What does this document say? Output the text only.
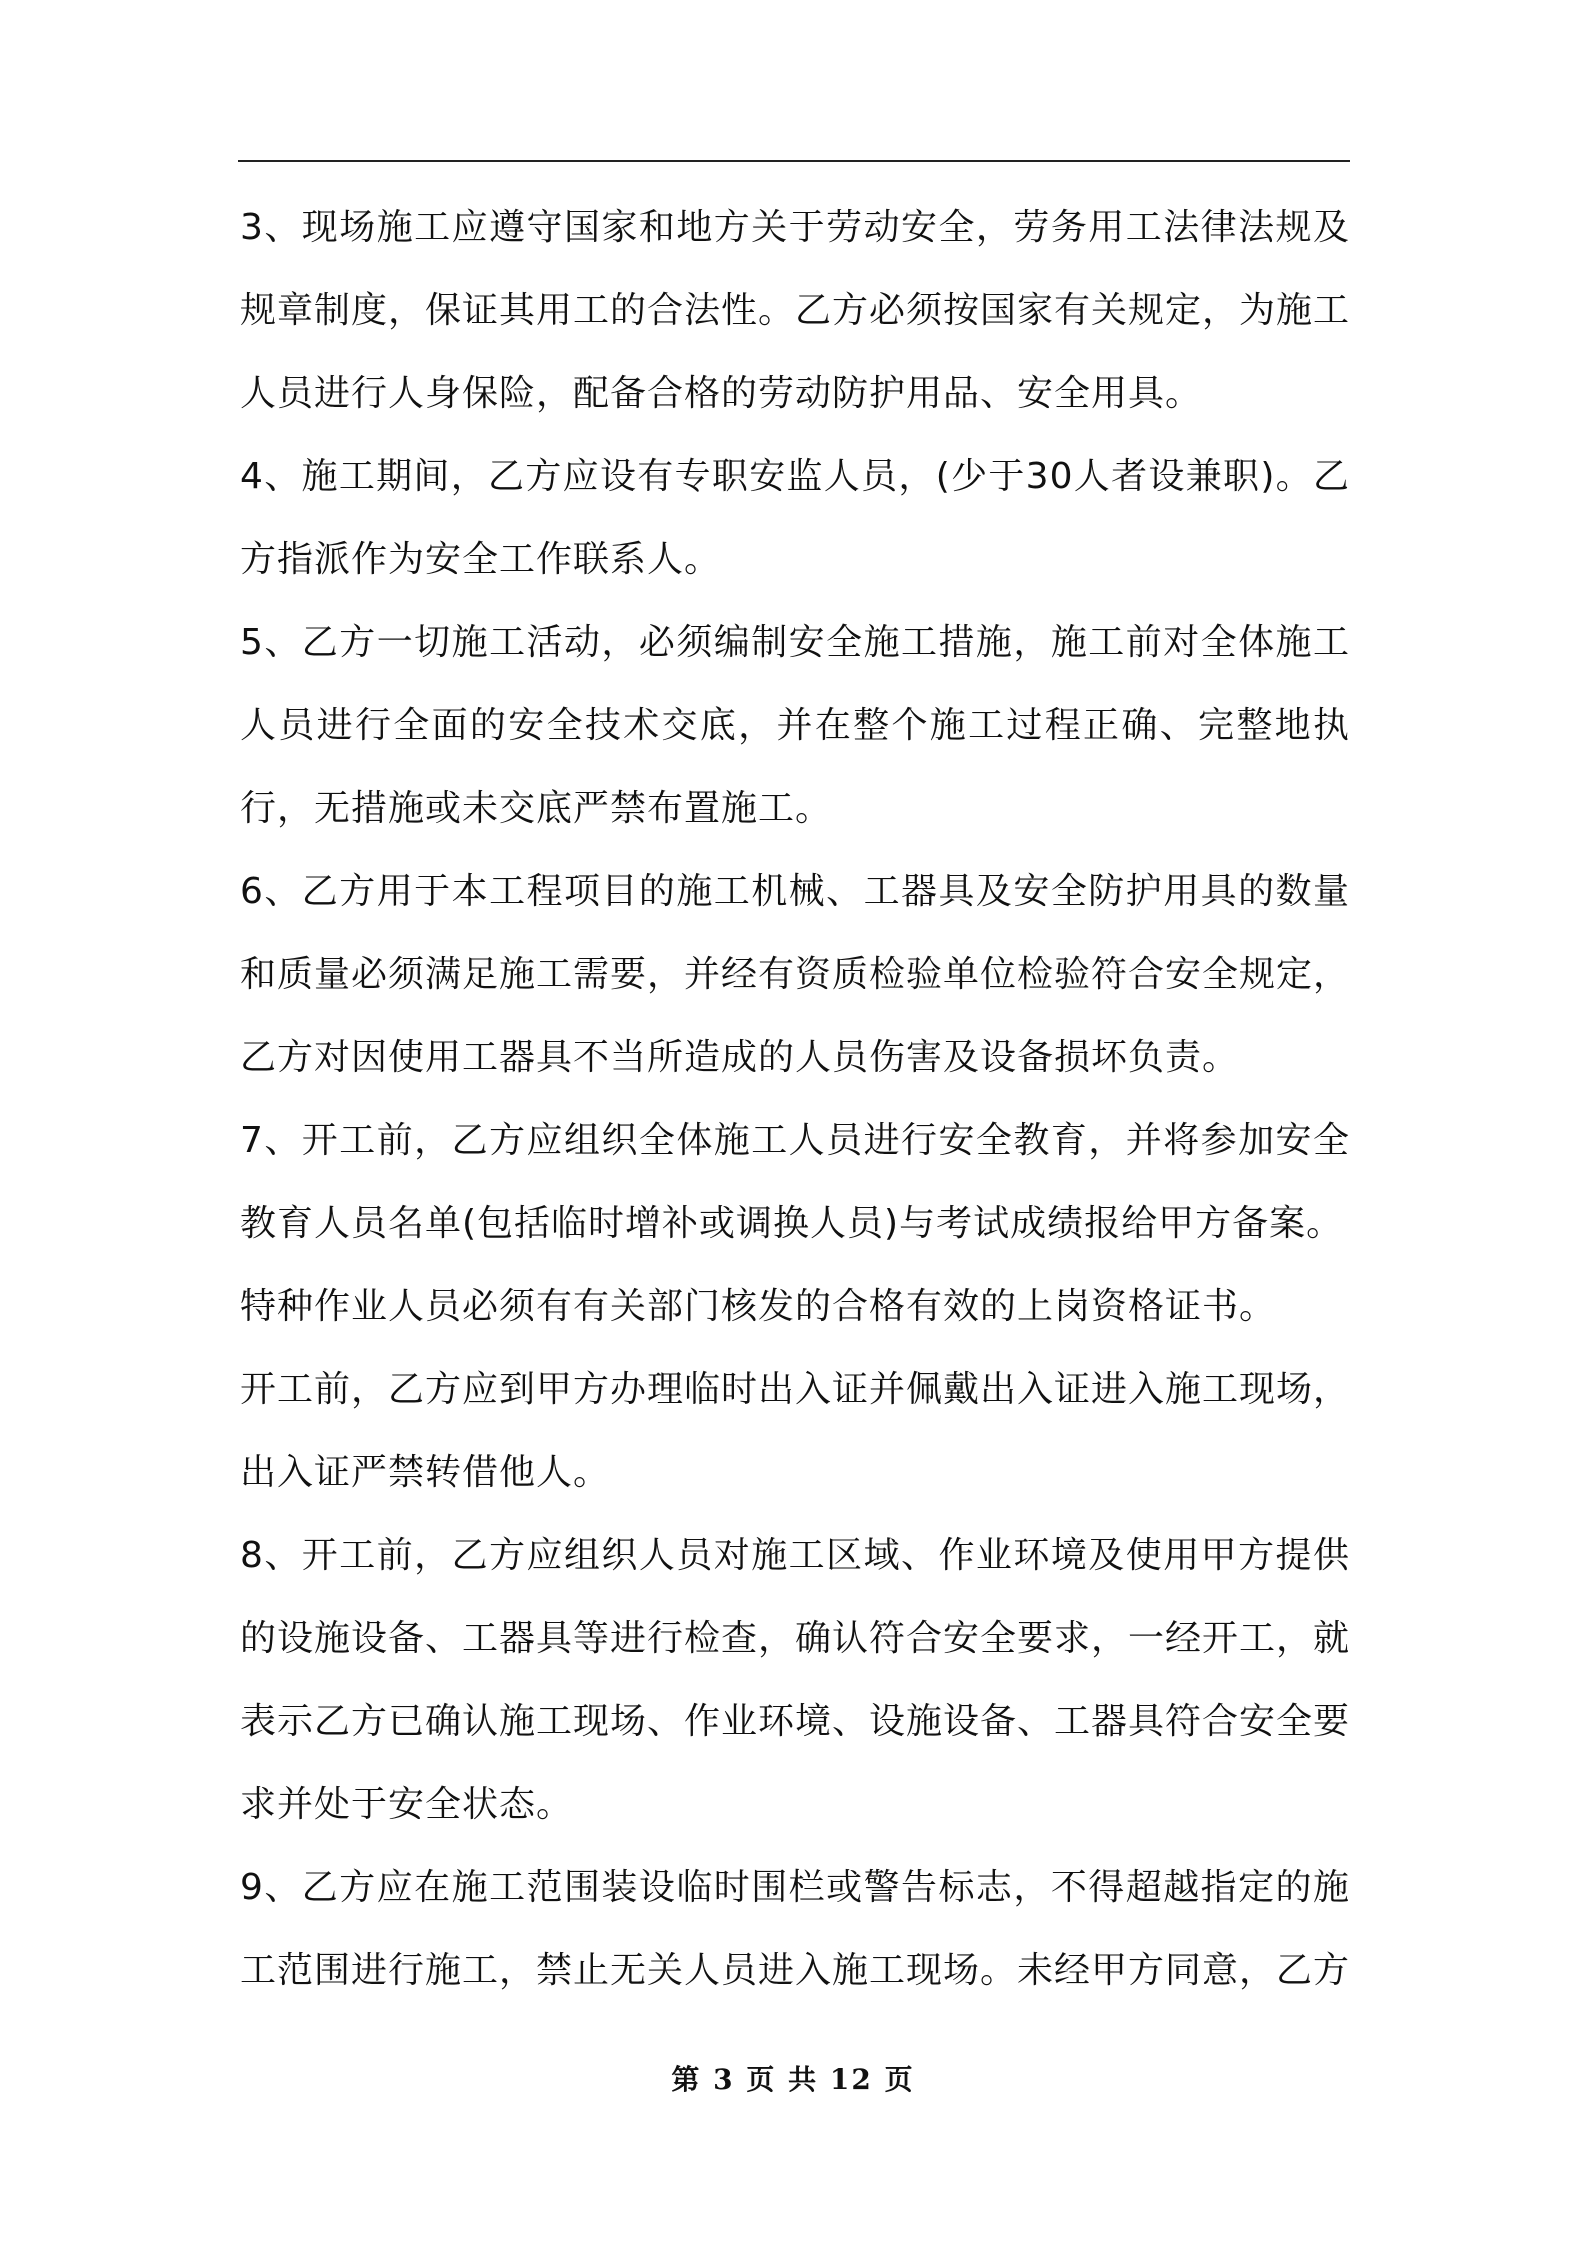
3、现场施工应遵守国家和地方关于劳动安全，劳务用工法律法规及规章制度，保证其用工的合法性。乙方必须按国家有关规定，为施工人员进行人身保险，配备合格的劳动防护用品、安全用具。

4、施工期间，乙方应设有专职安监人员，(少于30人者设兼职)。乙方指派作为安全工作联系人。

5、乙方一切施工活动，必须编制安全施工措施，施工前对全体施工人员进行全面的安全技术交底，并在整个施工过程正确、完整地执行，无措施或未交底严禁布置施工。

6、乙方用于本工程项目的施工机械、工器具及安全防护用具的数量和质量必须满足施工需要，并经有资质检验单位检验符合安全规定，乙方对因使用工器具不当所造成的人员伤害及设备损坏负责。

7、开工前，乙方应组织全体施工人员进行安全教育，并将参加安全教育人员名单(包括临时增补或调换人员)与考试成绩报给甲方备案。

特种作业人员必须有有关部门核发的合格有效的上岗资格证书。

开工前，乙方应到甲方办理临时出入证并佩戴出入证进入施工现场，出入证严禁转借他人。

8、开工前，乙方应组织人员对施工区域、作业环境及使用甲方提供的设施设备、工器具等进行检查，确认符合安全要求，一经开工，就表示乙方已确认施工现场、作业环境、设施设备、工器具符合安全要求并处于安全状态。

9、乙方应在施工范围装设临时围栏或警告标志，不得超越指定的施工范围进行施工，禁止无关人员进入施工现场。未经甲方同意，乙方

第 3 页 共 12 页
